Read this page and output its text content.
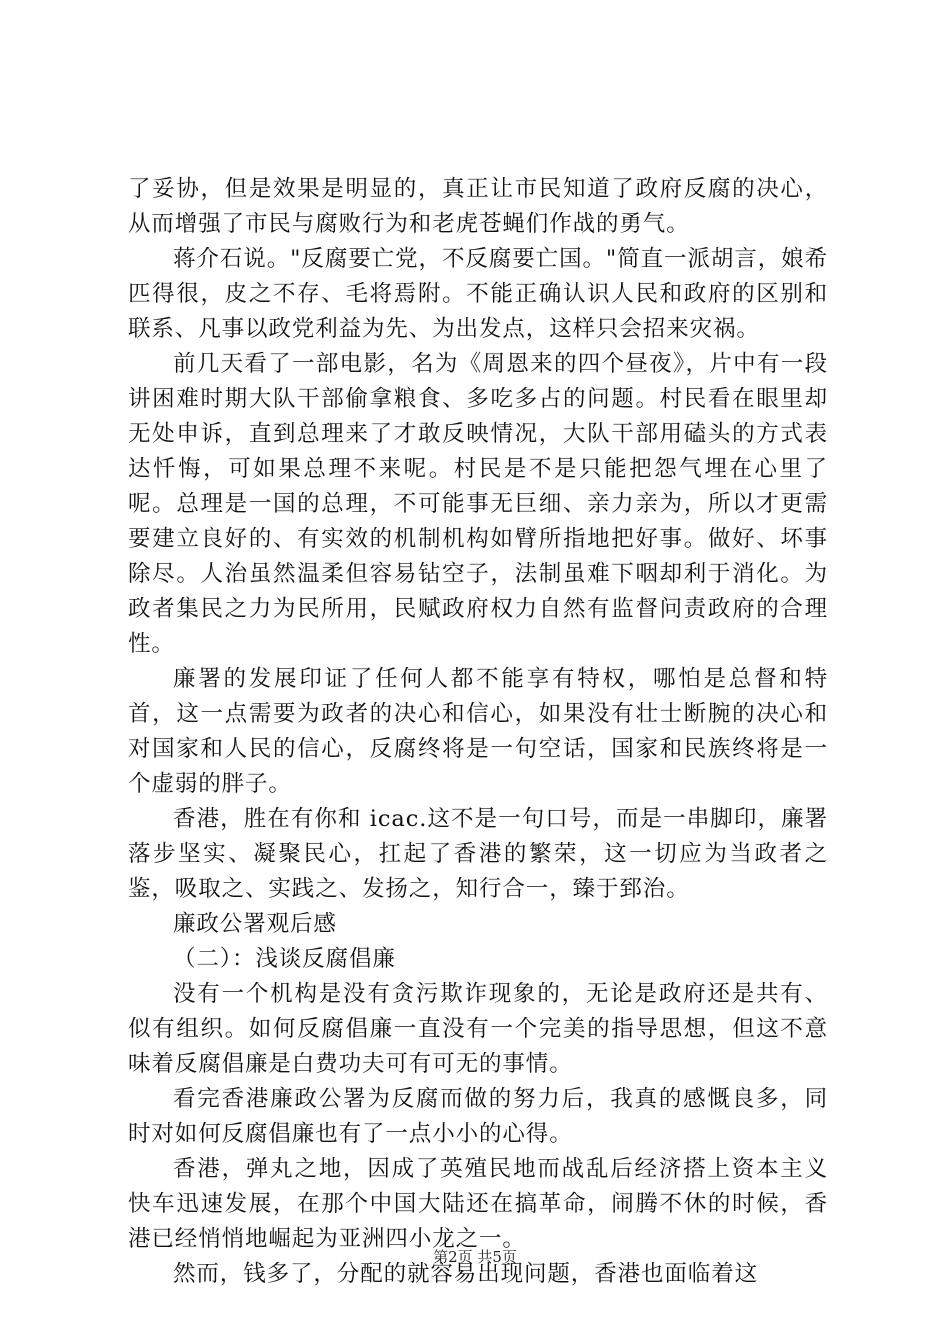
了妥协，但是效果是明显的，真正让市民知道了政府反腐的决心，从而增强了市民与腐败行为和老虎苍蝇们作战的勇气。

蒋介石说。"反腐要亡党，不反腐要亡国。"简直一派胡言，娘希匹得很，皮之不存、毛将焉附。不能正确认识人民和政府的区别和联系、凡事以政党利益为先、为出发点，这样只会招来灾祸。

前几天看了一部电影，名为《周恩来的四个昼夜》，片中有一段讲困难时期大队干部偷拿粮食、多吃多占的问题。村民看在眼里却无处申诉，直到总理来了才敢反映情况，大队干部用磕头的方式表达忏悔，可如果总理不来呢。村民是不是只能把怨气埋在心里了呢。总理是一国的总理，不可能事无巨细、亲力亲为，所以才更需要建立良好的、有实效的机制机构如臂所指地把好事。做好、坏事除尽。人治虽然温柔但容易钻空子，法制虽难下咽却利于消化。为政者集民之力为民所用，民赋政府权力自然有监督问责政府的合理性。

廉署的发展印证了任何人都不能享有特权，哪怕是总督和特首，这一点需要为政者的决心和信心，如果没有壮士断腕的决心和对国家和人民的信心，反腐终将是一句空话，国家和民族终将是一个虚弱的胖子。

香港，胜在有你和 icac.这不是一句口号，而是一串脚印，廉署落步坚实、凝聚民心，扛起了香港的繁荣，这一切应为当政者之鉴，吸取之、实践之、发扬之，知行合一，臻于郅治。

廉政公署观后感

（二）：浅谈反腐倡廉

没有一个机构是没有贪污欺诈现象的，无论是政府还是共有、似有组织。如何反腐倡廉一直没有一个完美的指导思想，但这不意味着反腐倡廉是白费功夫可有可无的事情。

看完香港廉政公署为反腐而做的努力后，我真的感慨良多，同时对如何反腐倡廉也有了一点小小的心得。

香港，弹丸之地，因成了英殖民地而战乱后经济搭上资本主义快车迅速发展，在那个中国大陆还在搞革命，闹腾不休的时候，香港已经悄悄地崛起为亚洲四小龙之一。

然而，钱多了，分配的就容易出现问题，香港也面临着这

第2页 共5页
